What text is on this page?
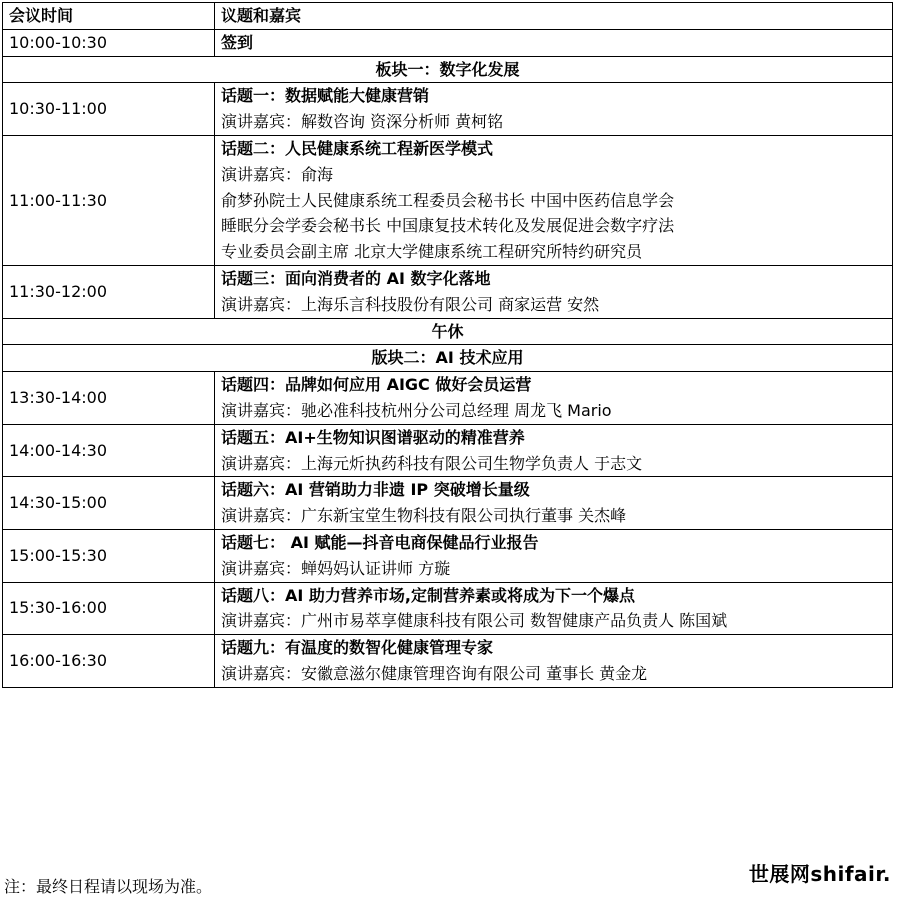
会议时间	议题和嘉宾
10:00-10:30	签到

板块一：数字化发展	
10:30-11:00	话题一：数据赋能大健康营销
演讲嘉宾：解数咨询 资深分析师 黄柯铭

11:00-11:30	话题二：人民健康系统工程新医学模式
演讲嘉宾：俞海
俞梦孙院士人民健康系统工程委员会秘书长 中国中医药信息学会
睡眠分会学委会秘书长 中国康复技术转化及发展促进会数字疗法
专业委员会副主席 北京大学健康系统工程研究所特约研究员

11:30-12:00	话题三：面向消费者的 AI 数字化落地
演讲嘉宾：上海乐言科技股份有限公司 商家运营 安然

午休	
版块二：AI 技术应用	
13:30-14:00	话题四：品牌如何应用 AIGC 做好会员运营
演讲嘉宾：驰必准科技杭州分公司总经理 周龙飞 Mario

14:00-14:30	话题五：AI+生物知识图谱驱动的精准营养
演讲嘉宾：上海元炘执药科技有限公司生物学负责人 于志文

14:30-15:00	话题六：AI 营销助力非遗 IP 突破增长量级
演讲嘉宾：广东新宝堂生物科技有限公司执行董事 关杰峰

15:00-15:30	话题七： AI 赋能—抖音电商保健品行业报告
演讲嘉宾：蝉妈妈认证讲师 方璇

15:30-16:00	话题八：AI 助力营养市场,定制营养素或将成为下一个爆点
演讲嘉宾：广州市易萃享健康科技有限公司 数智健康产品负责人 陈国斌

16:00-16:30	话题九：有温度的数智化健康管理专家
演讲嘉宾：安徽意滋尔健康管理咨询有限公司 董事长 黄金龙
注：最终日程请以现场为准。
世展网shifair.
